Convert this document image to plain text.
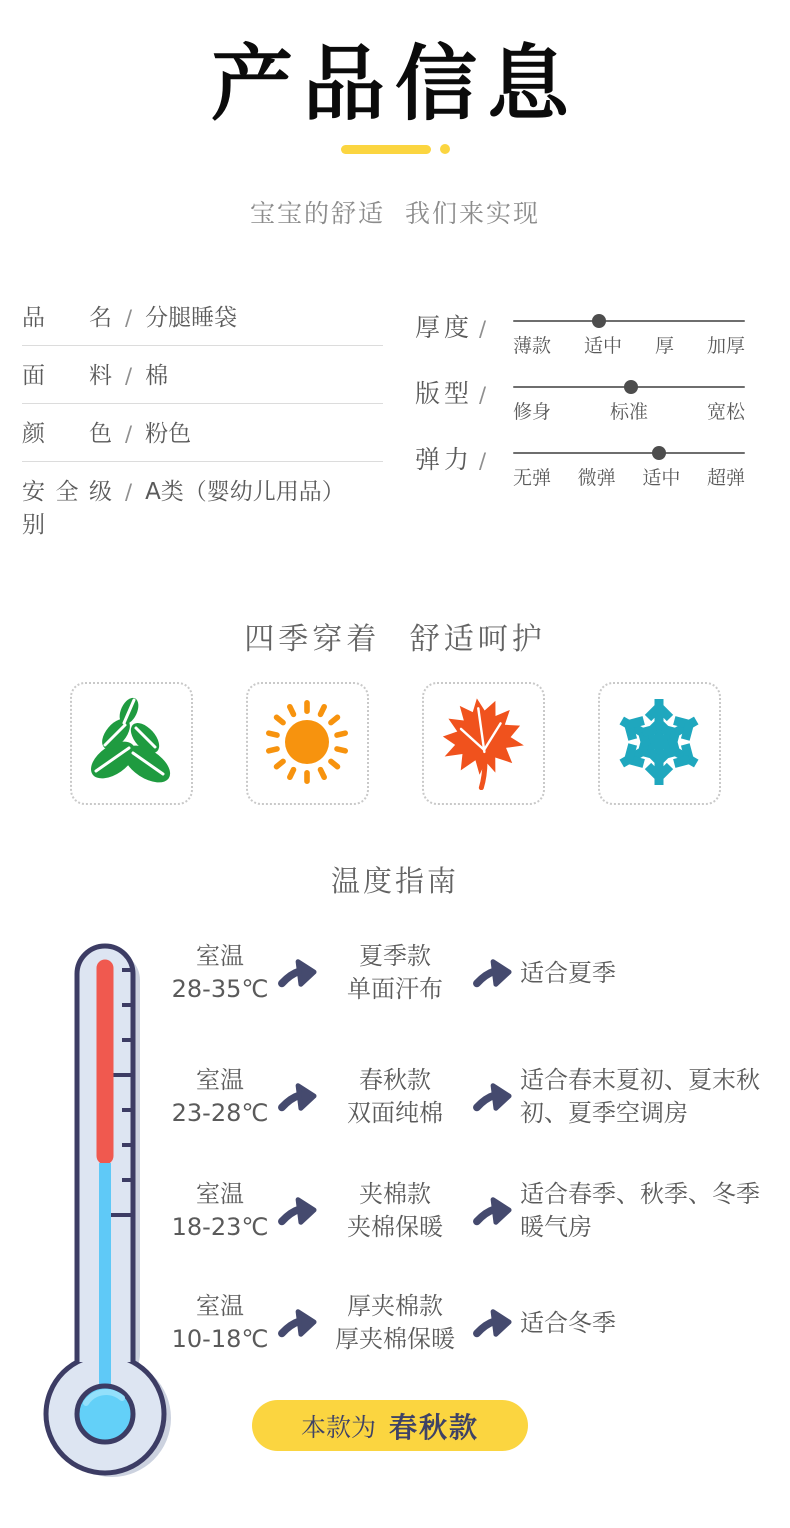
产品信息
宝宝的舒适 我们来实现
品名 / 分腿睡袋
面料 / 棉
颜色 / 粉色
安全级别
/ A类（婴幼儿用品）
厚度 /
薄款 适中 厚 加厚
版型 /
修身	标准	宽松
弹力 /
无弹 微弹 适中 超弹
四季穿着 舒适呵护
温度指南
室温
28-35℃
夏季款
单面汗布
适合夏季
室温
23-28℃
春秋款
双面纯棉
适合春末夏初、夏末秋初、夏季空调房
室温
18-23℃
夹棉款
夹棉保暖
适合春季、秋季、冬季暖气房
室温
10-18℃
厚夹棉款
厚夹棉保暖
适合冬季
本款为 春秋款
